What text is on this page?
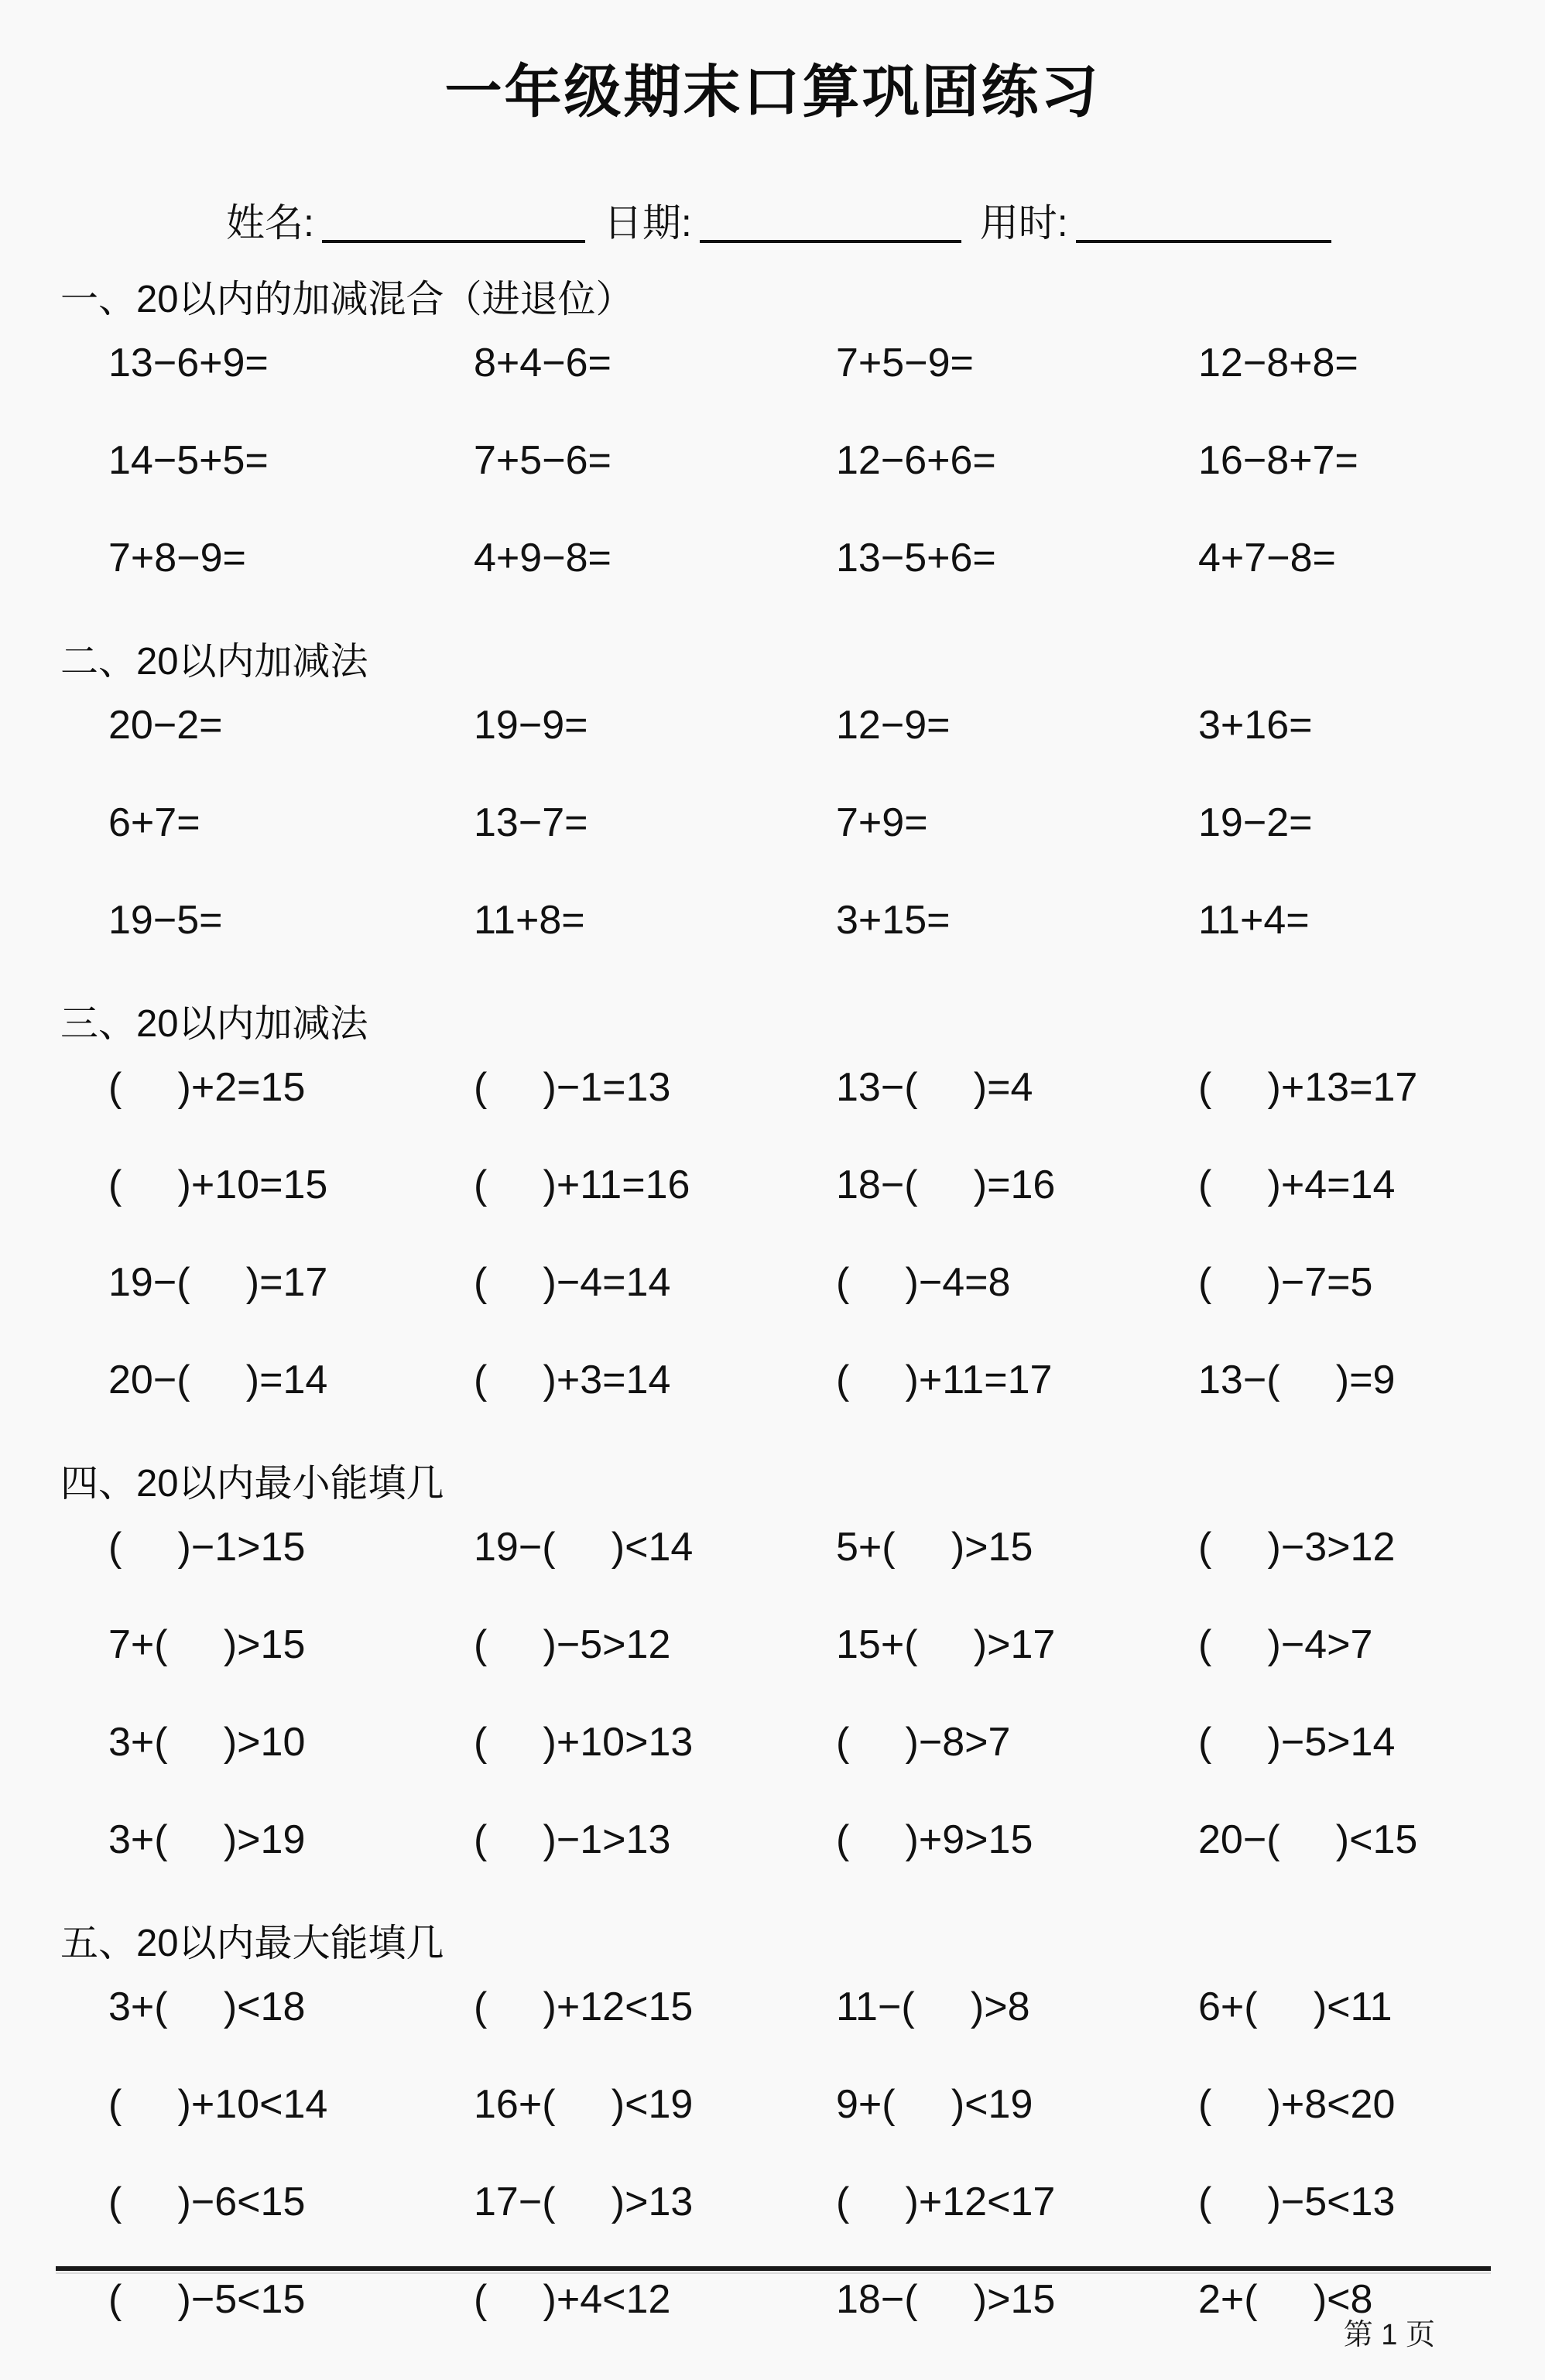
一年级期末口算巩固练习
姓名:	日期:	用时:
一、20以内的加减混合（进退位）
13−6+9=	8+4−6=	7+5−9=	12−8+8=
14−5+5=	7+5−6=	12−6+6=	16−8+7=
7+8−9=	4+9−8=	13−5+6=	4+7−8=
二、20以内加减法
20−2=	19−9=	12−9=	3+16=
6+7=	13−7=	7+9=	19−2=
19−5=	11+8=	3+15=	11+4=
三、20以内加减法
(     )+2=15	(     )−1=13	13−(     )=4	(     )+13=17
(     )+10=15	(     )+11=16	18−(     )=16	(     )+4=14
19−(     )=17	(     )−4=14	(     )−4=8	(     )−7=5
20−(     )=14	(     )+3=14	(     )+11=17	13−(     )=9
四、20以内最小能填几
(     )−1>15	19−(     )<14	5+(     )>15	(     )−3>12
7+(     )>15	(     )−5>12	15+(     )>17	(     )−4>7
3+(     )>10	(     )+10>13	(     )−8>7	(     )−5>14
3+(     )>19	(     )−1>13	(     )+9>15	20−(     )<15
五、20以内最大能填几
3+(     )<18	(     )+12<15	11−(     )>8	6+(     )<11
(     )+10<14	16+(     )<19	9+(     )<19	(     )+8<20
(     )−6<15	17−(     )>13	(     )+12<17	(     )−5<13
(     )−5<15	(     )+4<12	18−(     )>15	2+(     )<8
第 1 页
